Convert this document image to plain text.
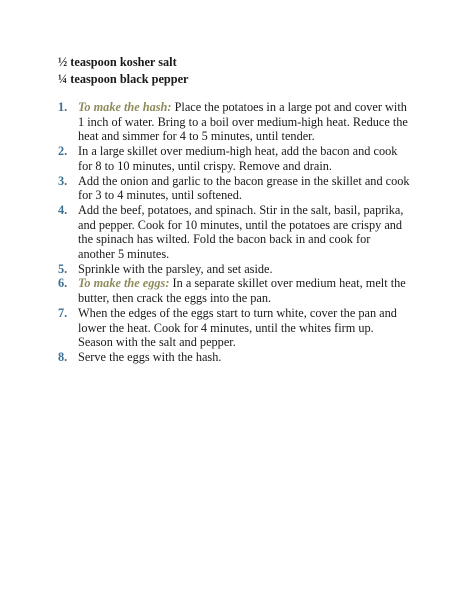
½ teaspoon kosher salt
¼ teaspoon black pepper
1. To make the hash: Place the potatoes in a large pot and cover with 1 inch of water. Bring to a boil over medium-high heat. Reduce the heat and simmer for 4 to 5 minutes, until tender.
2. In a large skillet over medium-high heat, add the bacon and cook for 8 to 10 minutes, until crispy. Remove and drain.
3. Add the onion and garlic to the bacon grease in the skillet and cook for 3 to 4 minutes, until softened.
4. Add the beef, potatoes, and spinach. Stir in the salt, basil, paprika, and pepper. Cook for 10 minutes, until the potatoes are crispy and the spinach has wilted. Fold the bacon back in and cook for another 5 minutes.
5. Sprinkle with the parsley, and set aside.
6. To make the eggs: In a separate skillet over medium heat, melt the butter, then crack the eggs into the pan.
7. When the edges of the eggs start to turn white, cover the pan and lower the heat. Cook for 4 minutes, until the whites firm up. Season with the salt and pepper.
8. Serve the eggs with the hash.
